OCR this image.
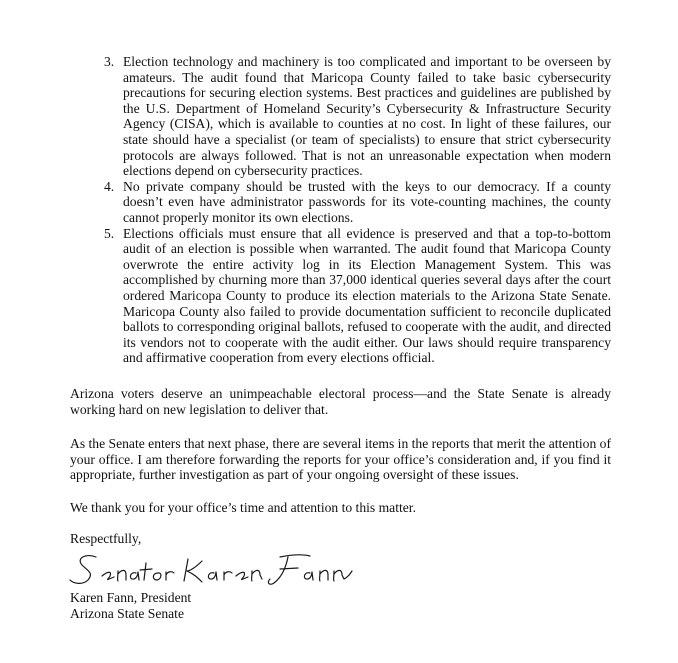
3. Election technology and machinery is too complicated and important to be overseen by amateurs. The audit found that Maricopa County failed to take basic cybersecurity precautions for securing election systems. Best practices and guidelines are published by the U.S. Department of Homeland Security’s Cybersecurity & Infrastructure Security Agency (CISA), which is available to counties at no cost. In light of these failures, our state should have a specialist (or team of specialists) to ensure that strict cybersecurity protocols are always followed. That is not an unreasonable expectation when modern elections depend on cybersecurity practices.
4. No private company should be trusted with the keys to our democracy. If a county doesn’t even have administrator passwords for its vote-counting machines, the county cannot properly monitor its own elections.
5. Elections officials must ensure that all evidence is preserved and that a top-to-bottom audit of an election is possible when warranted. The audit found that Maricopa County overwrote the entire activity log in its Election Management System. This was accomplished by churning more than 37,000 identical queries several days after the court ordered Maricopa County to produce its election materials to the Arizona State Senate. Maricopa County also failed to provide documentation sufficient to reconcile duplicated ballots to corresponding original ballots, refused to cooperate with the audit, and directed its vendors not to cooperate with the audit either. Our laws should require transparency and affirmative cooperation from every elections official.

Arizona voters deserve an unimpeachable electoral process—and the State Senate is already working hard on new legislation to deliver that.

As the Senate enters that next phase, there are several items in the reports that merit the attention of your office. I am therefore forwarding the reports for your office’s consideration and, if you find it appropriate, further investigation as part of your ongoing oversight of these issues.

We thank you for your office’s time and attention to this matter.

Respectfully,

Karen Fann, President
Arizona State Senate
